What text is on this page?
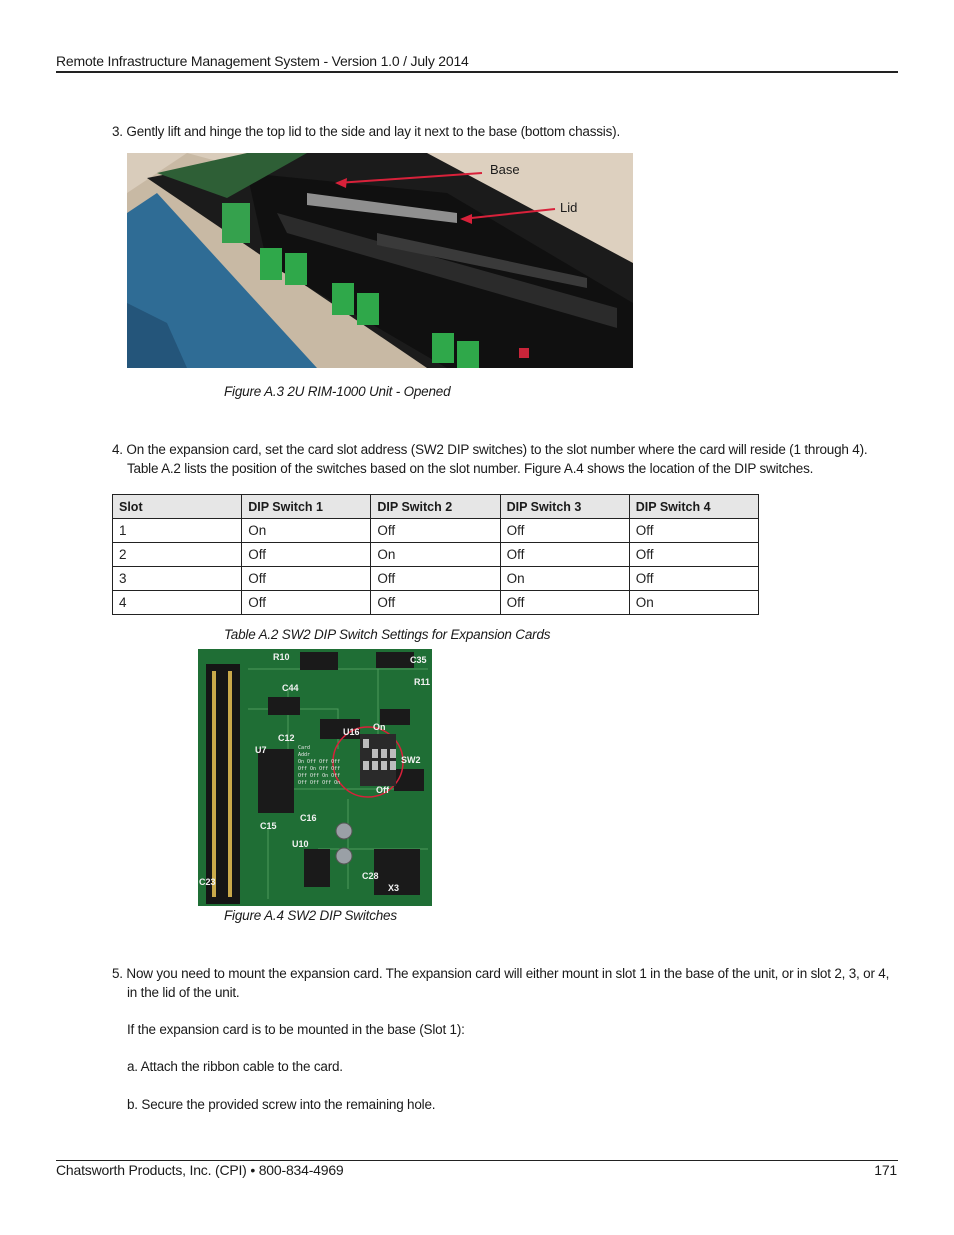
Remote Infrastructure Management System - Version 1.0 / July 2014
3. Gently lift and hinge the top lid to the side and lay it next to the base (bottom chassis).
Base
Lid
Figure A.3 2U RIM-1000 Unit - Opened
4. On the expansion card, set the card slot address (SW2 DIP switches) to the slot number where the card will reside (1 through 4).
Table A.2 lists the position of the switches based on the slot number. Figure A.4 shows the location of the DIP switches.
Slot	DIP Switch 1	DIP Switch 2	DIP Switch 3	DIP Switch 4
1	On	Off	Off	Off
2	Off	On	Off	Off
3	Off	Off	On	Off
4	Off	Off	Off	On
Table A.2 SW2 DIP Switch Settings for Expansion Cards
Card
Addr
On Off Off Off
Off On Off Off
Off Off On Off
Off Off Off On
R10
C44
C12
U7
C15
C16
U10
C28
X3
C23
U16
R11
C35
On
Off
SW2
Figure A.4 SW2 DIP Switches
5. Now you need to mount the expansion card. The expansion card will either mount in slot 1 in the base of the unit, or in slot 2, 3, or 4,
in the lid of the unit.
If the expansion card is to be mounted in the base (Slot 1):
a. Attach the ribbon cable to the card.
b. Secure the provided screw into the remaining hole.
Chatsworth Products, Inc. (CPI) • 800-834-4969	171
